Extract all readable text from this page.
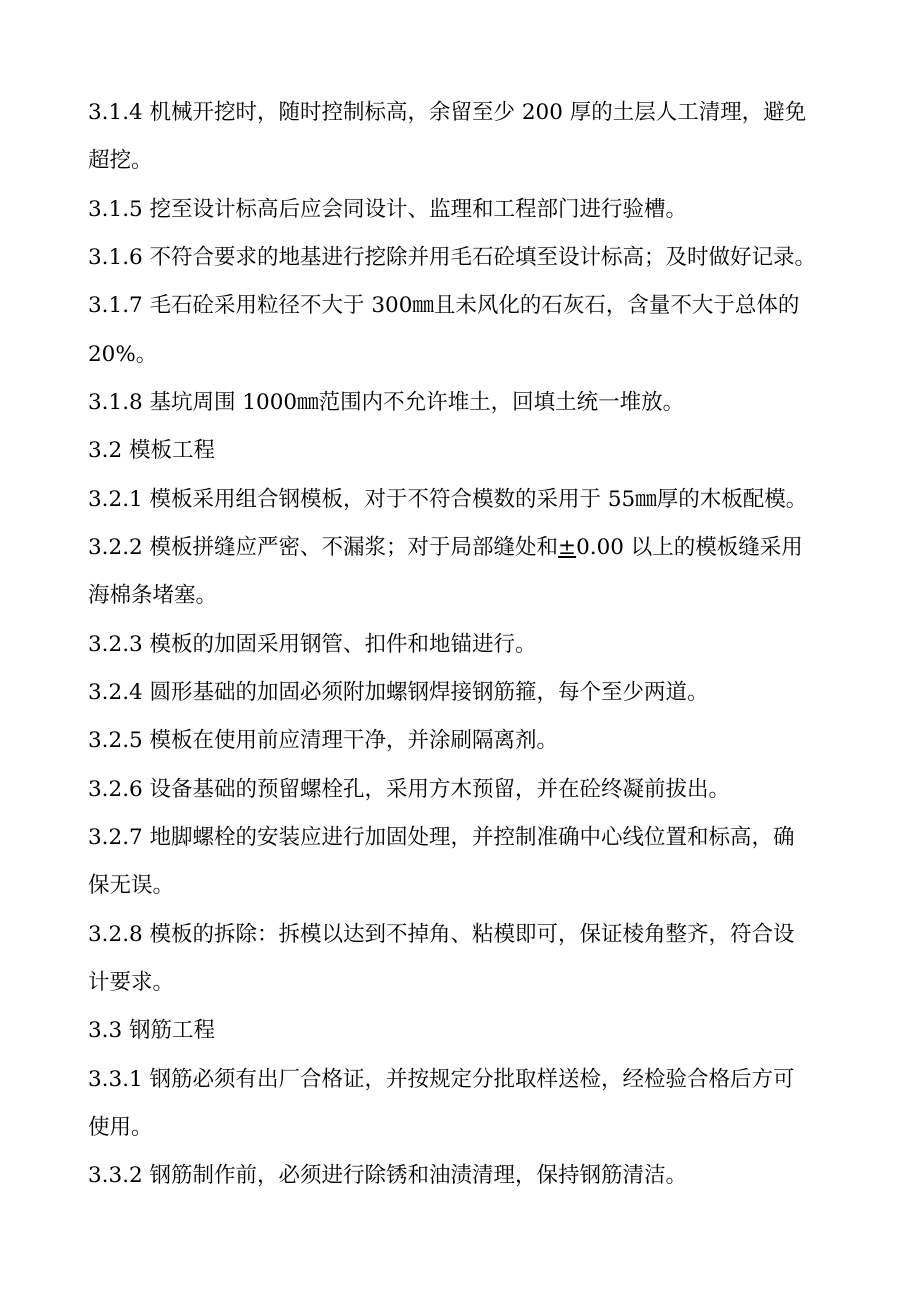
3.1.4 机械开挖时，随时控制标高，余留至少 200 厚的土层人工清理，避免
超挖。
3.1.5 挖至设计标高后应会同设计、监理和工程部门进行验槽。
3.1.6 不符合要求的地基进行挖除并用毛石砼填至设计标高；及时做好记录。
3.1.7 毛石砼采用粒径不大于 300㎜且未风化的石灰石，含量不大于总体的
20%。
3.1.8 基坑周围 1000㎜范围内不允许堆土，回填土统一堆放。
3.2 模板工程
3.2.1 模板采用组合钢模板，对于不符合模数的采用于 55㎜厚的木板配模。
3.2.2 模板拼缝应严密、不漏浆；对于局部缝处和±0.00 以上的模板缝采用
海棉条堵塞。
3.2.3 模板的加固采用钢管、扣件和地锚进行。
3.2.4 圆形基础的加固必须附加螺钢焊接钢筋箍，每个至少两道。
3.2.5 模板在使用前应清理干净，并涂刷隔离剂。
3.2.6 设备基础的预留螺栓孔，采用方木预留，并在砼终凝前拔出。
3.2.7 地脚螺栓的安装应进行加固处理，并控制准确中心线位置和标高，确
保无误。
3.2.8 模板的拆除：拆模以达到不掉角、粘模即可，保证棱角整齐，符合设
计要求。
3.3 钢筋工程
3.3.1 钢筋必须有出厂合格证，并按规定分批取样送检，经检验合格后方可
使用。
3.3.2 钢筋制作前，必须进行除锈和油渍清理，保持钢筋清洁。
